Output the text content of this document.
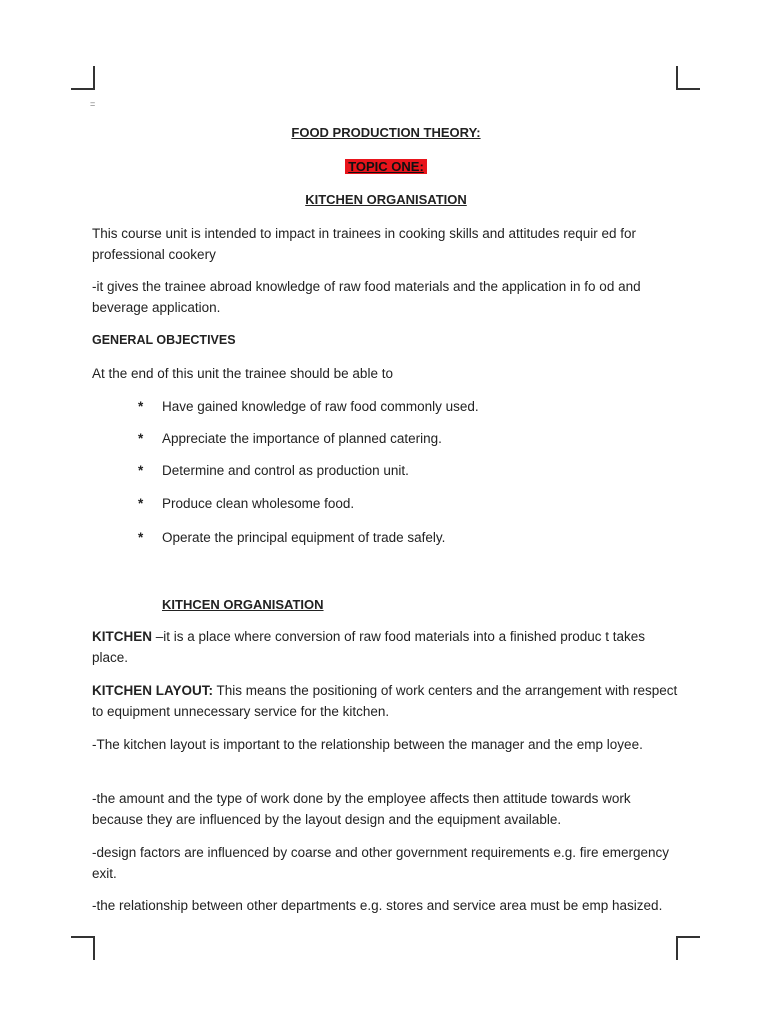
=
FOOD PRODUCTION THEORY:
TOPIC ONE:
KITCHEN ORGANISATION

This course unit is intended to impact in trainees in cooking skills and attitudes requir ed for professional cookery

-it gives the trainee abroad knowledge of raw food materials and the application in fo od and beverage application.

GENERAL OBJECTIVES
At the end of this unit the trainee should be able to
* Have gained knowledge of raw food commonly used.
* Appreciate the importance of planned catering.
* Determine and control as production unit.
* Produce clean wholesome food.
* Operate the principal equipment of trade safely.
KITHCEN ORGANISATION

KITCHEN –it is a place where conversion of raw food materials into a finished produc t takes place.

KITCHEN LAYOUT: This means the positioning of work centers and the arrangement with respect to equipment unnecessary service for the kitchen.

-The kitchen layout is important to the relationship between the manager and the emp loyee.

-the amount and the type of work done by the employee affects then attitude towards work because they are influenced by the layout design and the equipment available.

-design factors are influenced by coarse and other government requirements e.g. fire emergency exit.

-the relationship between other departments e.g. stores and service area must be emp hasized.
